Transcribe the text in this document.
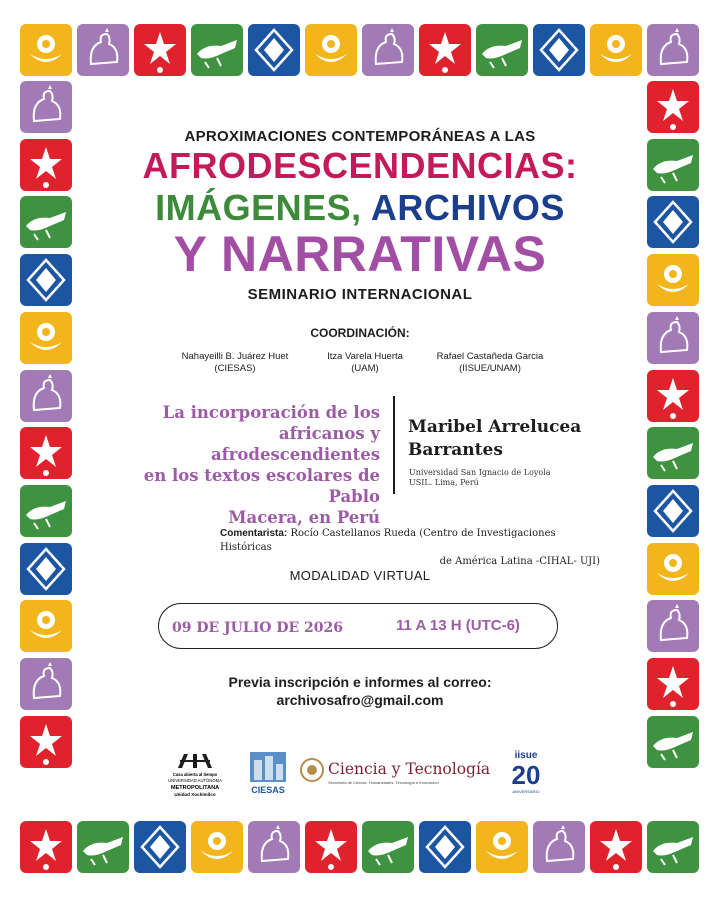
APROXIMACIONES CONTEMPORÁNEAS A LAS
AFRODESCENDENCIAS:
IMÁGENES, ARCHIVOS
Y NARRATIVAS
SEMINARIO INTERNACIONAL
COORDINACIÓN:
Nahayeilli B. Juárez Huet
(CIESAS)
Itza Varela Huerta
(UAM)
Rafael Castañeda Garcia
(IISUE/UNAM)
La incorporación de los
africanos y afrodescendientes
en los textos escolares de Pablo
Macera, en Perú
Maribel Arrelucea
Barrantes
Universidad San Ignacio de Loyola
USIL. Lima, Perú
Comentarista: Rocío Castellanos Rueda (Centro de Investigaciones Históricas
de América Latina -CIHAL- UJI)
MODALIDAD VIRTUAL
09 DE JULIO DE 2026	11 A 13 H (UTC-6)
Previa inscripción e informes al correo:
archivosafro@gmail.com
Casa abierta al tiempo
UNIVERSIDAD AUTÓNOMA
METROPOLITANA
Unidad Xochimilco	CIESAS
Ciencia y Tecnología
Secretaría de Ciencia, Humanidades, Tecnología e Innovación
iisue
20
ANIVERSARIO
